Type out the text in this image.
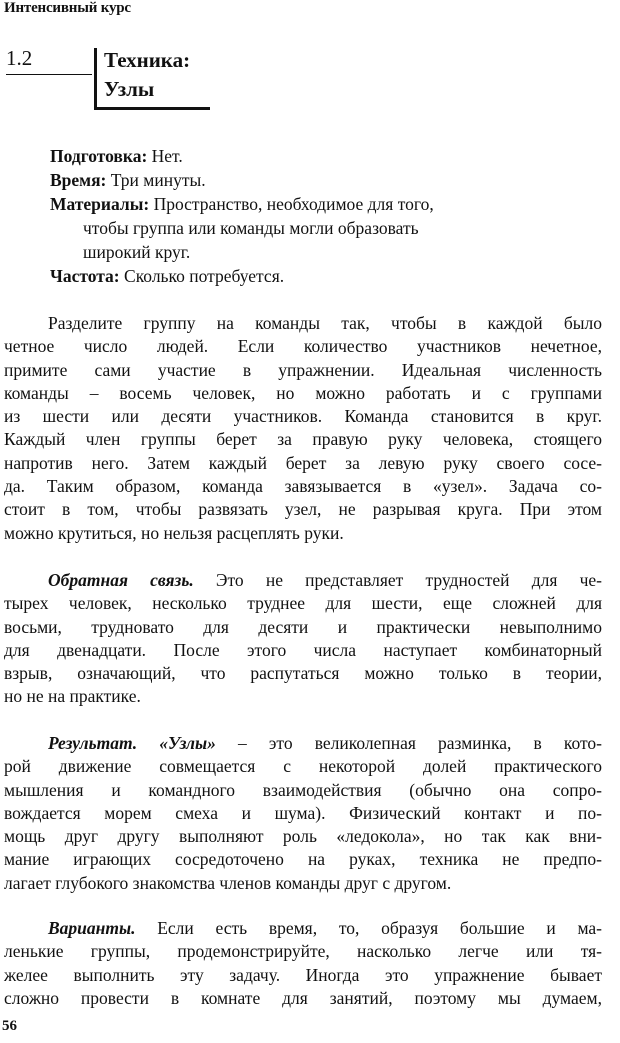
Интенсивный курс
1.2	Техника:
Узлы
Подготовка: Нет.
Время: Три минуты.
Материалы: Пространство, необходимое для того,
чтобы группа или команды могли образовать
широкий круг.
Частота: Сколько потребуется.
Разделите группу на команды так, чтобы в каждой было
четное число людей. Если количество участников нечетное,
примите сами участие в упражнении. Идеальная численность
команды – восемь человек, но можно работать и с группами
из шести или десяти участников. Команда становится в круг.
Каждый член группы берет за правую руку человека, стоящего
напротив него. Затем каждый берет за левую руку своего сосе-
да. Таким образом, команда завязывается в «узел». Задача со-
стоит в том, чтобы развязать узел, не разрывая круга. При этом
можно крутиться, но нельзя расцеплять руки.
Обратная связь. Это не представляет трудностей для че-
тырех человек, несколько труднее для шести, еще сложней для
восьми, трудновато для десяти и практически невыполнимо
для двенадцати. После этого числа наступает комбинаторный
взрыв, означающий, что распутаться можно только в теории,
но не на практике.
Результат. «Узлы» – это великолепная разминка, в кото-
рой движение совмещается с некоторой долей практического
мышления и командного взаимодействия (обычно она сопро-
вождается морем смеха и шума). Физический контакт и по-
мощь друг другу выполняют роль «ледокола», но так как вни-
мание играющих сосредоточено на руках, техника не предпо-
лагает глубокого знакомства членов команды друг с другом.
Варианты. Если есть время, то, образуя большие и ма-
ленькие группы, продемонстрируйте, насколько легче или тя-
желее выполнить эту задачу. Иногда это упражнение бывает
сложно провести в комнате для занятий, поэтому мы думаем,
56
